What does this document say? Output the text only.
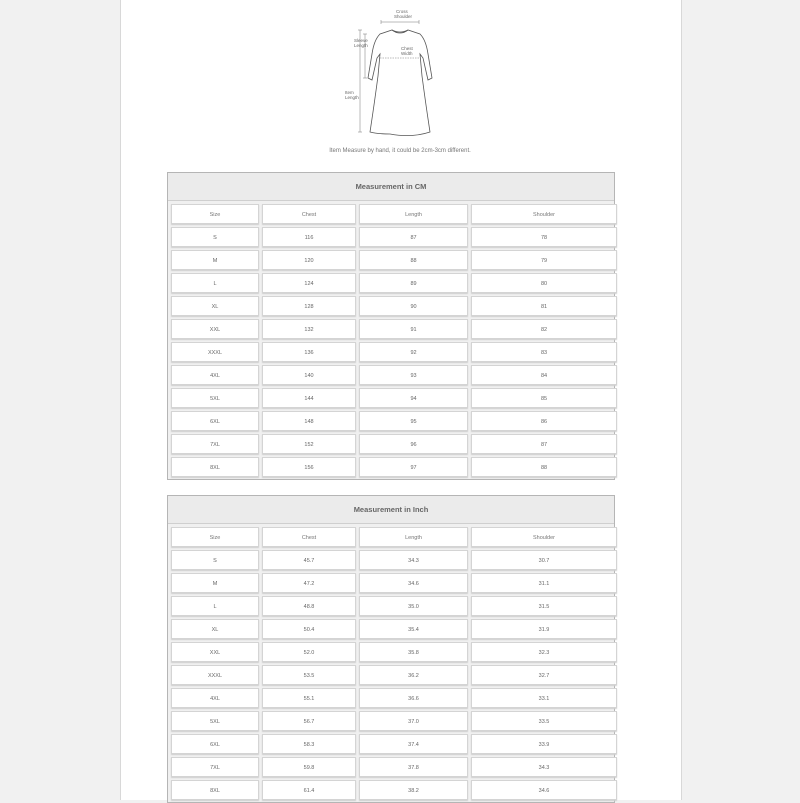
Cross
Shoulder
Sleeve
Length
Chest
Width
Item
Length
Item Measure by hand, it could be 2cm-3cm different.
Measurement in CM
Size	Chest	Length	Shoulder
S	116	87	78
M	120	88	79
L	124	89	80
XL	128	90	81
XXL	132	91	82
XXXL	136	92	83
4XL	140	93	84
5XL	144	94	85
6XL	148	95	86
7XL	152	96	87
8XL	156	97	88
Measurement in Inch
Size	Chest	Length	Shoulder
S	45.7	34.3	30.7
M	47.2	34.6	31.1
L	48.8	35.0	31.5
XL	50.4	35.4	31.9
XXL	52.0	35.8	32.3
XXXL	53.5	36.2	32.7
4XL	55.1	36.6	33.1
5XL	56.7	37.0	33.5
6XL	58.3	37.4	33.9
7XL	59.8	37.8	34.3
8XL	61.4	38.2	34.6
